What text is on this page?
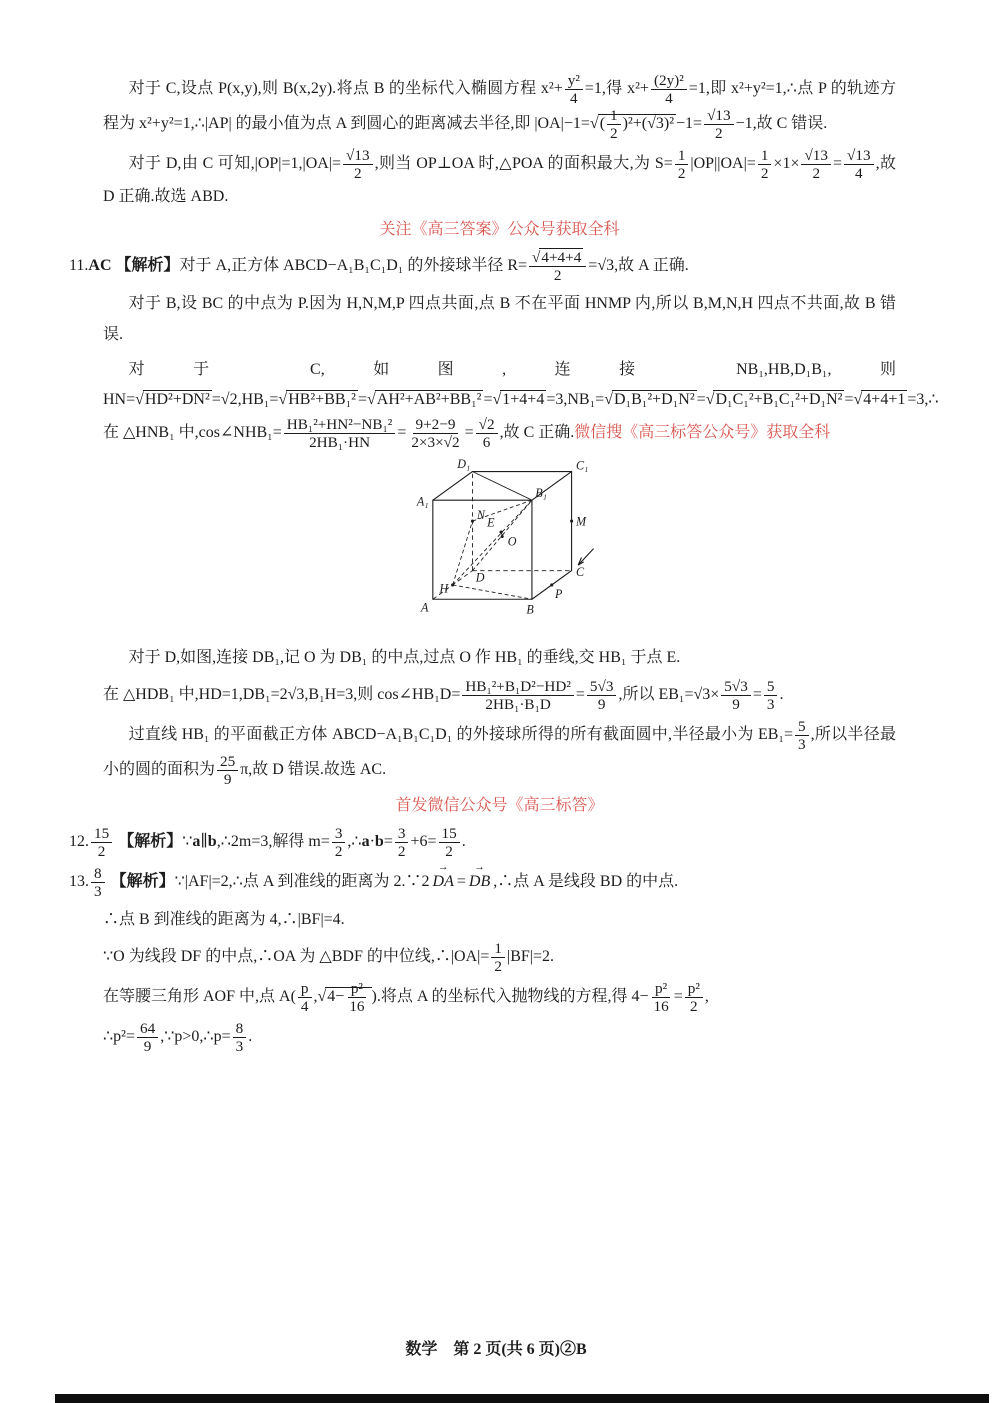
对于 C,设点 P(x,y),则 B(x,2y).将点 B 的坐标代入椭圆方程 $x^2+ \frac{\text{y²}}{4} =1$,得 $x^2+ \frac{\text{(2y)²}}{4} =1$,即 x²+y²=1,∴点 P 的轨迹方程为 x²+y²=1,∴|AP| 的最小值为点 A 到圆心的距离减去半径,即 |OA|−1=√ ( $\frac{1}{2} )^2+(√3)^2 -1= \frac{√13}{2} -1$,故 C 错误.

对于 D,由 C 可知$,|OP|=1,|OA|= \frac{√13}{2}$ ,则当 OP⊥OA 时,△POA 的面积最大,为 $S= \frac{1}{2} |OP||OA|= \frac{1}{2} \times 1\times \frac{√13}{2} = \frac{√13}{4}$ ,故 D 正确.故选 ABD.

关注《高三答案》公众号获取全科

11.AC 【解析】对于 A,正方体 ABCD−A₁B₁C₁D₁ 的外接球半径 $R= \frac{√ 4+4+4}{2} =√3$,故 A 正确.

对于 B,设 BC 的中点为 P.因为 H,N,M,P 四点共面,点 B 不在平面 HNMP 内,所以 B,M,N,H 四点不共面,故 B 错误.

对于 C,如图,连接 NB₁,HB,D₁B₁,则 HN=√ HD²+DN² =√2,HB₁=√ HB²+BB₁² =√ AH²+AB²+BB₁² =√ 1+4+4 =3,NB₁=√ D₁B₁²+D₁N² =√ D₁C₁²+B₁C₁²+D₁N² =√ 4+4+1 =3,∴在 △HNB₁ 中,cos∠NHB₁= $\frac{\text{HB₁²+HN²−NB₁²}}{\text{2HB₁·HN}} = \frac{9+2-9}{2\times 3\times√2} = \frac{√2}{6}$ ,故 C 正确.微信搜《高三标答公众号》获取全科

D₁	C₁
A₁
B₁
N	M
E
O
H
D	C
A	B
P

对于 D,如图,连接 DB₁,记 O 为 DB₁ 的中点,过点 O 作 HB₁ 的垂线,交 HB₁ 于点 E.

在 △HDB₁ 中,HD=1,DB₁=2√3,B₁H=3,则 cos∠HB₁D= $\frac{\text{HB₁²+B₁D²−HD²}}{\text{2HB₁·B₁D}} = \frac{5√3}{9}$ ,所以 $EB_1=√3\times \frac{5√3}{9} = \frac{5}{3}$ .

过直线 HB₁ 的平面截正方体 ABCD−A₁B₁C₁D₁ 的外接球所得的所有截面圆中,半径最小为 $EB_1= \frac{5}{3}$ ,所以半径最小的圆的面积为 $\frac{25}{9} \pi$,故 D 错误.故选 AC.

首发微信公众号《高三标答》

12. $\frac{15}{2}$ 【解析】∵a∥b,∴2m=3,解得 $m= \frac{3}{2}$ ,∴a·b= $\frac{3}{2} +6= \frac{15}{2}$ .

13. $\frac{8}{3}$ 【解析】∵|AF|=2,∴点 A 到准线的距离为 2.∵2 DA → = DB → ,∴点 A 是线段 BD 的中点.

∴点 B 到准线的距离为 4,∴|BF|=4.

∵O 为线段 DF 的中点,∴OA 为 △BDF 的中位线,∴|OA|= $\frac{1}{2} |BF|=2$.

在等腰三角形 AOF 中,点 $A( \frac{p}{4}$ ,√ $4- \frac{\text{p²}}{16}$ ).将点 A 的坐标代入抛物线的方程,得 $4- \frac{\text{p²}}{16} = \frac{\text{p²}}{2}$ ,

∴p²= $\frac{64}{9}$ ,∵p>0,∴p= $\frac{8}{3}$ .

数学　第 2 页(共 6 页)②B
